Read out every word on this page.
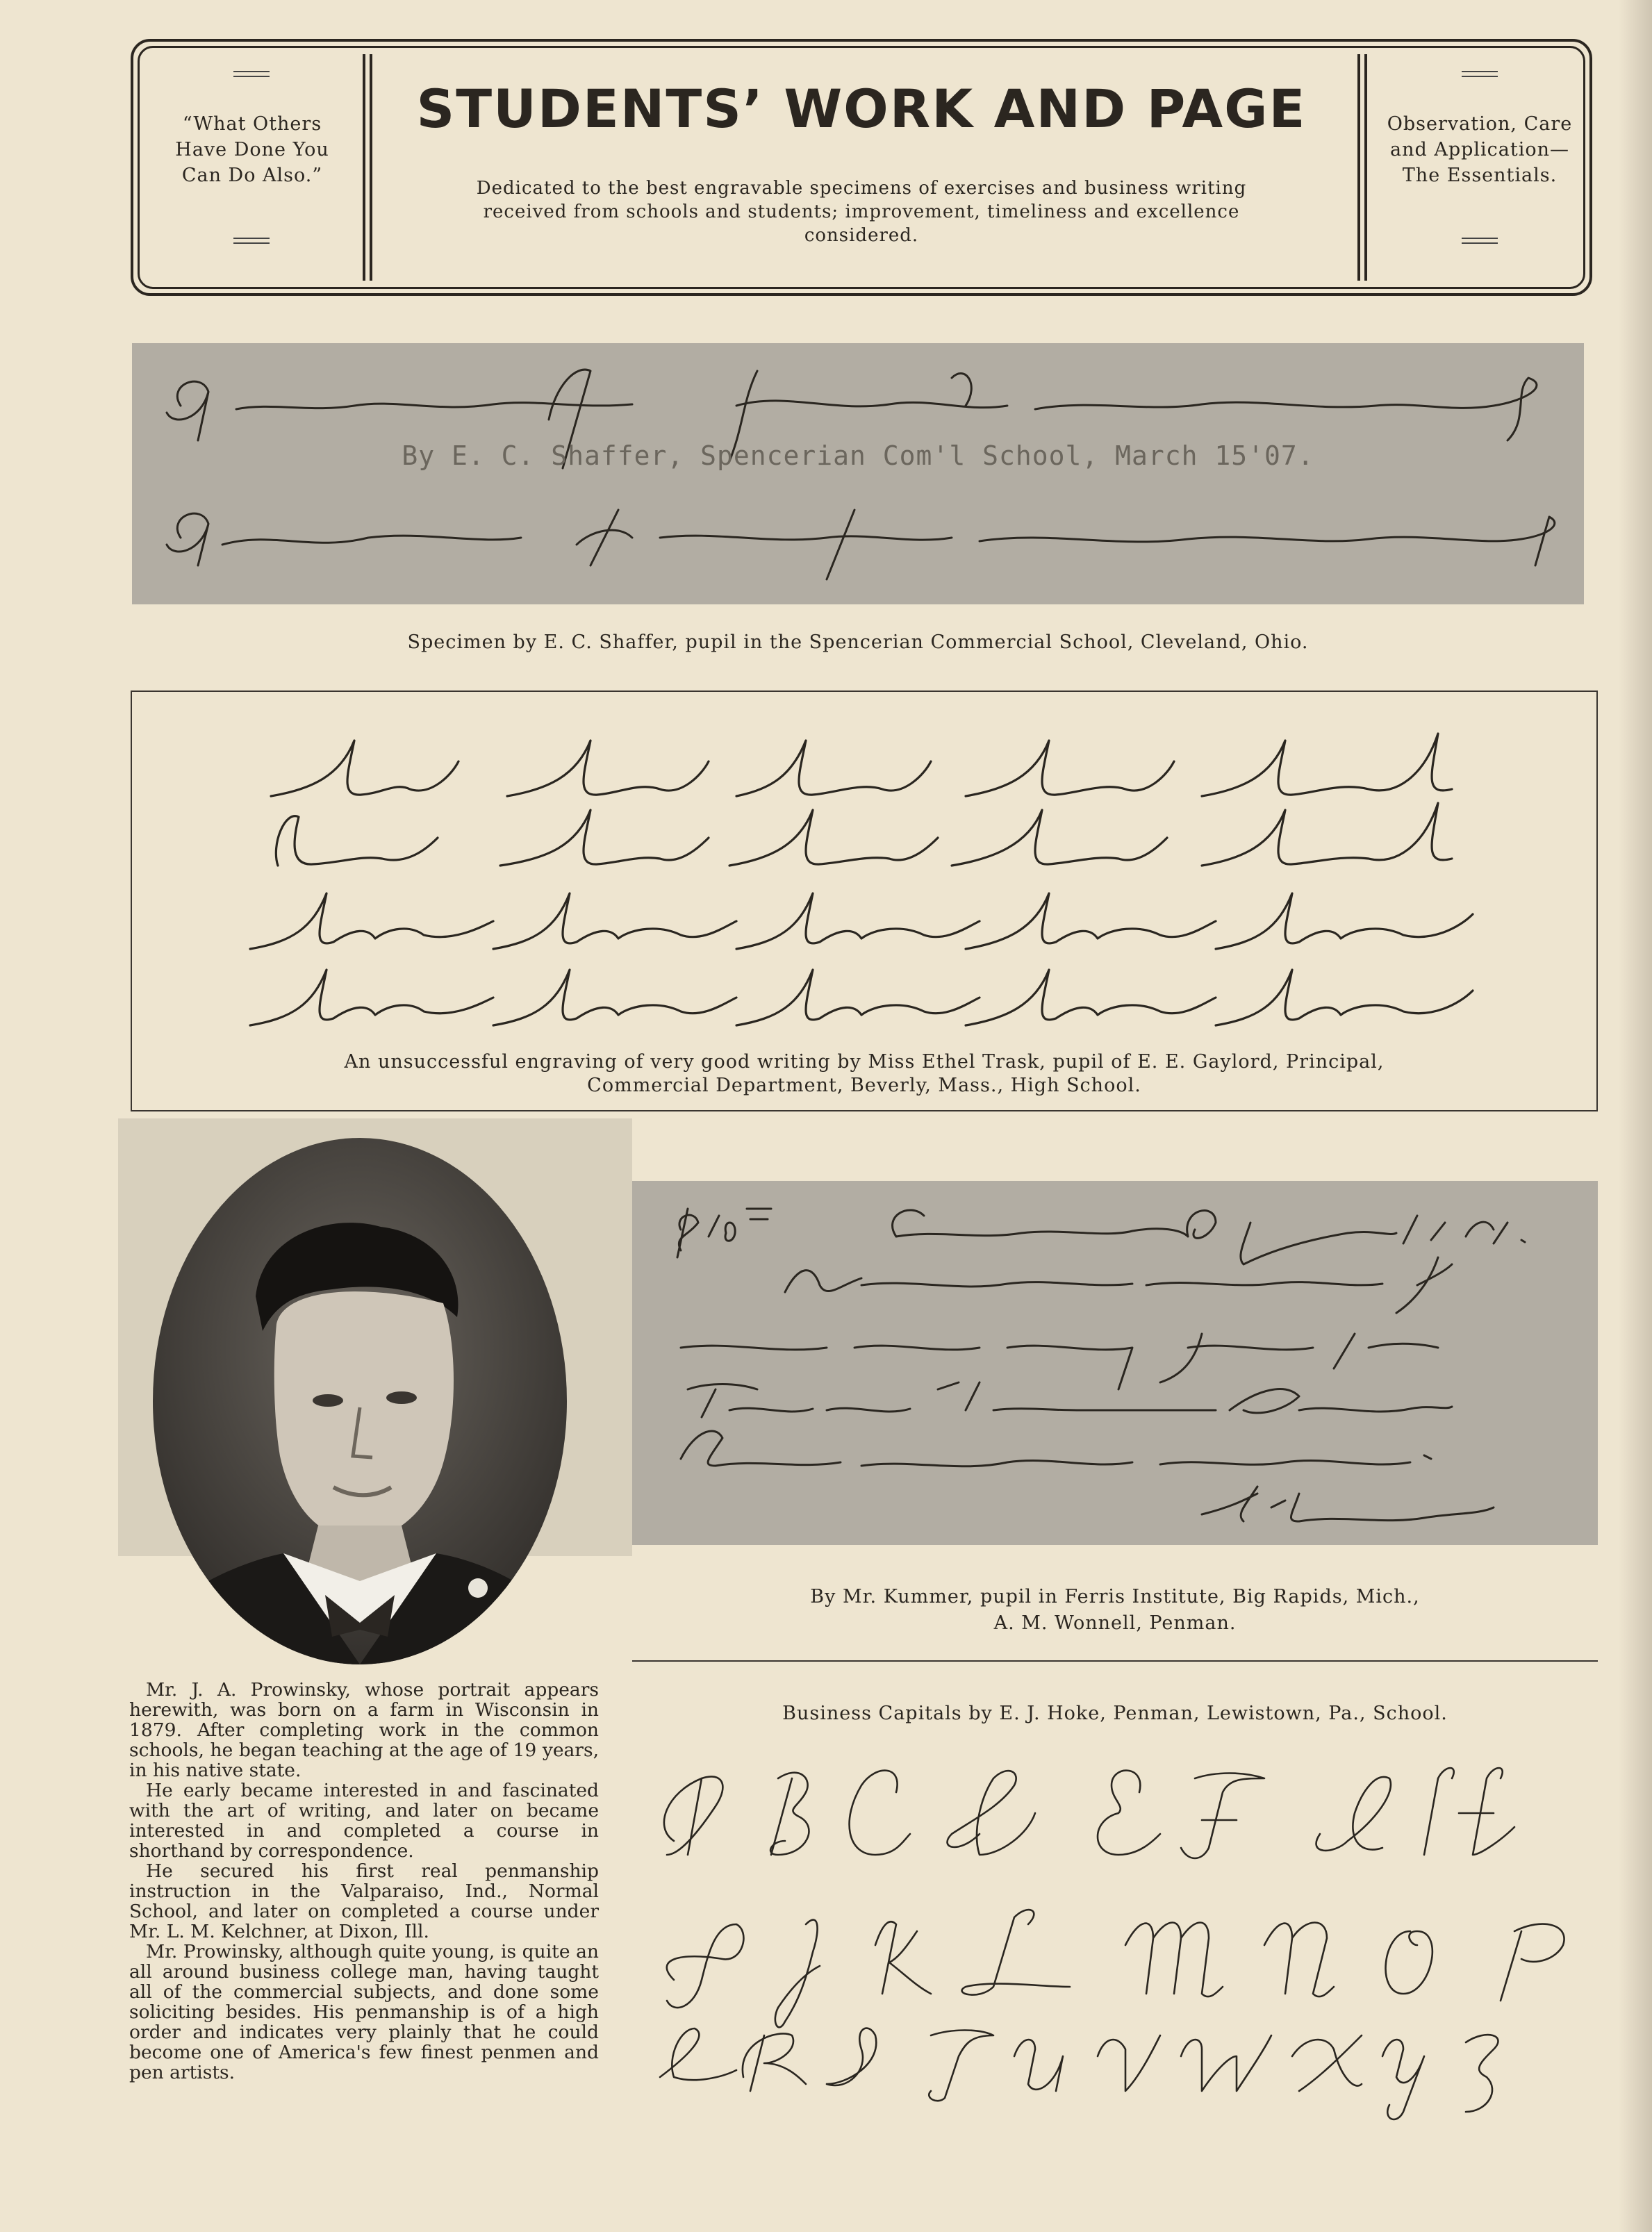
“What Others Have Done You Can Do Also.”
STUDENTS’ WORK AND PAGE
Dedicated to the best engravable specimens of exercises and business writing received from schools and students; improvement, timeliness and excellence considered.
Observation, Care and Application—The Essentials.
By E. C. Shaffer, Spencerian Com'l School, March 15'07.
Specimen by E. C. Shaffer, pupil in the Spencerian Commercial School, Cleveland, Ohio.
An unsuccessful engraving of very good writing by Miss Ethel Trask, pupil of E. E. Gaylord, Principal,
Commercial Department, Beverly, Mass., High School.

Mr. J. A. Prowinsky, whose portrait appears herewith, was born on a farm in Wisconsin in 1879. After completing work in the common schools, he began teaching at the age of 19 years, in his native state.

He early became interested in and fascinated with the art of writing, and later on became interested in and completed a course in shorthand by correspondence.

He secured his first real penmanship instruction in the Valparaiso, Ind., Normal School, and later on completed a course under Mr. L. M. Kelchner, at Dixon, Ill.

Mr. Prowinsky, although quite young, is quite an all around business college man, having taught all of the commercial subjects, and done some soliciting besides. His penmanship is of a high order and indicates very plainly that he could become one of America's few finest penmen and pen artists.

By Mr. Kummer, pupil in Ferris Institute, Big Rapids, Mich.,
A. M. Wonnell, Penman.
Business Capitals by E. J. Hoke, Penman, Lewistown, Pa., School.
